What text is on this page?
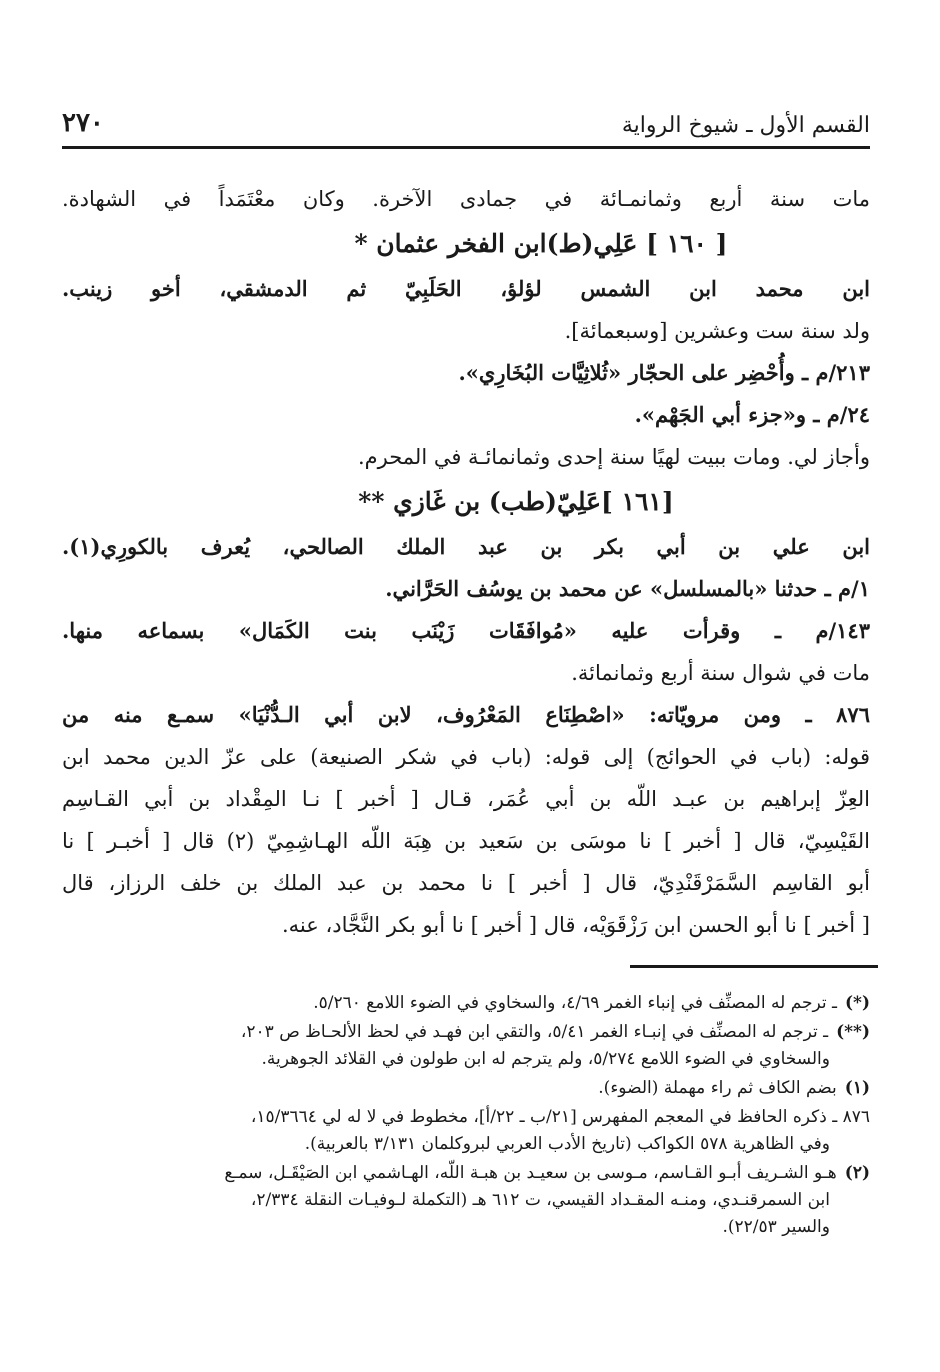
القسم الأول ـ شيوخ الرواية
٢٧٠
مات سنة أربع وثمانمـائة في جمادى الآخرة. وكان معْتَمَداً في الشهادة.
[ ١٦٠ ] عَلِي(ط)ابن الفخر عثمان *
ابن محمد ابن الشمس لؤلؤ، الحَلَبِيّ ثم الدمشقي، أخو زينب.
ولد سنة ست وعشرين [وسبعمائة].
٢١٣/م ـ وأُحْضِر على الحجّار «ثُلاثِيَّات البُخَارِي».
٢٤/م ـ و«جزء أبي الجَهْم».
وأجاز لي. ومات ببيت لهيًا سنة إحدى وثمانمائـة في المحرم.
[١٦١ ]عَلِيّ(طب) بن غَازي **
ابن علي بن أبي بكر بن عبد الملك الصالحي، يُعرف بالكورِي(١).
١/م ـ حدثنا «بالمسلسل» عن محمد بن يوسُف الحَرَّاني.
١٤٣/م ـ وقرأت عليه «مُوافَقَات زَيْنَب بنت الكَمَال» بسماعه منها.
مات في شوال سنة أربع وثمانمائة.
٨٧٦ ـ ومن مرويّاته: «اصْطِنَاع المَعْرُوف، لابن أبي الـدُّنْيَا» سمـع منه من
قوله: (باب في الحوائج) إلى قوله: (باب في شكر الصنيعة) على عزّ الدين محمد ابن
العِزّ إبراهيم بن عبـد اللّه بن أبي عُمَر، قـال [ أخبر ] نـا المِقْداد بن أبي القـاسِم
القَيْسِيّ، قال [ أخبر ] نا موسَى بن سَعيد بن هِبَة اللّه الهـاشِمِيّ (٢) قال [ أخبـر ] نا
أبو القاسِم السَّمَرْقَنْدِيّ، قال [ أخبر ] نا محمد بن عبد الملك بن خلف الرزاز، قال
[ أخبر ] نا أبو الحسن ابن رَزْقَوَيْه، قال [ أخبر ] نا أبو بكر النَّجَّاد، عنه.
(*)ـ ترجم له المصنِّف في إنباء الغمر ٤/٦٩، والسخاوي في الضوء اللامع ٥/٢٦٠.
(**)ـ ترجم له المصنِّف في إنبـاء الغمر ٥/٤١، والتقي ابن فهـد في لحظ الألحـاظ ص ٢٠٣،
والسخاوي في الضوء اللامع ٥/٢٧٤، ولم يترجم له ابن طولون في القلائد الجوهرية.
(١)بضم الكاف ثم راء مهملة (الضوء).
٨٧٦ ـ ذكره الحافظ في المعجم المفهرس [٢١/ب ـ ٢٢/أ]، مخطوط في لا له لي ١٥/٣٦٦٤،
وفي الظاهرية ٥٧٨ الكواكب (تاريخ الأدب العربي لبروكلمان ٣/١٣١ بالعربية).
(٢)هـو الشـريف أبـو القـاسم، مـوسى بن سعيـد بن هبـة اللّه، الهـاشمي ابن الصَيْقَـل، سمـع
ابن السمرقنـدي، ومنـه المقـداد القيسي، ت ٦١٢ هـ (التكملة لـوفيـات النقلة ٢/٣٣٤،
والسير ٢٢/٥٣).
